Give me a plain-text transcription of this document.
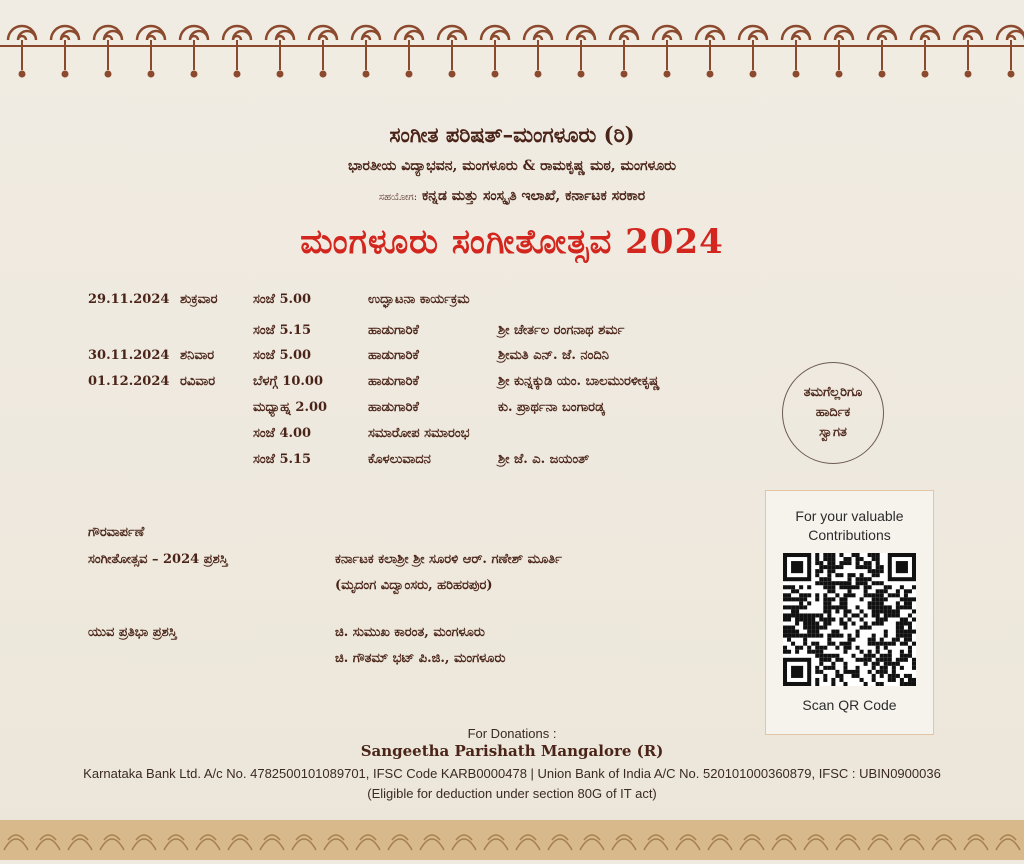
ಸಂಗೀತ ಪರಿಷತ್–ಮಂಗಳೂರು (ರಿ)
ಭಾರತೀಯ ವಿದ್ಯಾಭವನ, ಮಂಗಳೂರು & ರಾಮಕೃಷ್ಣ ಮಠ, ಮಂಗಳೂರು
ಸಹಯೋಗ: ಕನ್ನಡ ಮತ್ತು ಸಂಸ್ಕೃತಿ ಇಲಾಖೆ, ಕರ್ನಾಟಕ ಸರಕಾರ
ಮಂಗಳೂರು ಸಂಗೀತೋತ್ಸವ 2024
29.11.2024 ಶುಕ್ರವಾರ	ಸಂಜೆ 5.00	ಉದ್ಘಾಟನಾ ಕಾರ್ಯಕ್ರಮ
ಸಂಜೆ 5.15	ಹಾಡುಗಾರಿಕೆ	ಶ್ರೀ ಚೇರ್ತಲ ರಂಗನಾಥ ಶರ್ಮ
30.11.2024 ಶನಿವಾರ	ಸಂಜೆ 5.00	ಹಾಡುಗಾರಿಕೆ	ಶ್ರೀಮತಿ ಎನ್. ಜೆ. ನಂದಿನಿ
01.12.2024 ರವಿವಾರ	ಬೆಳಗ್ಗೆ 10.00	ಹಾಡುಗಾರಿಕೆ	ಶ್ರೀ ಕುನ್ನಕ್ಕುಡಿ ಯಂ. ಬಾಲಮುರಳೀಕೃಷ್ಣ
ಮಧ್ಯಾಹ್ನ 2.00	ಹಾಡುಗಾರಿಕೆ	ಕು. ಪ್ರಾರ್ಥನಾ ಬಂಗಾರಡ್ಕ
ಸಂಜೆ 4.00	ಸಮಾರೋಪ ಸಮಾರಂಭ
ಸಂಜೆ 5.15	ಕೊಳಲುವಾದನ	ಶ್ರೀ ಜೆ. ಎ. ಜಯಂತ್
ತಮಗೆಲ್ಲರಿಗೂ
ಹಾರ್ದಿಕ
ಸ್ವಾಗತ
ಗೌರವಾರ್ಪಣೆ
ಸಂಗೀತೋತ್ಸವ – 2024 ಪ್ರಶಸ್ತಿ	ಕರ್ನಾಟಕ ಕಲಾಶ್ರೀ ಶ್ರೀ ಸೂರಳಿ ಆರ್. ಗಣೇಶ್ ಮೂರ್ತಿ
(ಮೃದಂಗ ವಿದ್ವಾಂಸರು, ಹರಿಹರಪುರ)
ಯುವ ಪ್ರತಿಭಾ ಪ್ರಶಸ್ತಿ	ಚಿ. ಸುಮುಖ ಕಾರಂತ, ಮಂಗಳೂರು
ಚಿ. ಗೌತಮ್ ಭಟ್ ಪಿ.ಜಿ., ಮಂಗಳೂರು
For your valuable
Contributions
Scan QR Code
For Donations :
Sangeetha Parishath Mangalore (R)
Karnataka Bank Ltd. A/c No. 4782500101089701, IFSC Code KARB0000478 | Union Bank of India A/C No. 520101000360879, IFSC : UBIN0900036
(Eligible for deduction under section 80G of IT act)
